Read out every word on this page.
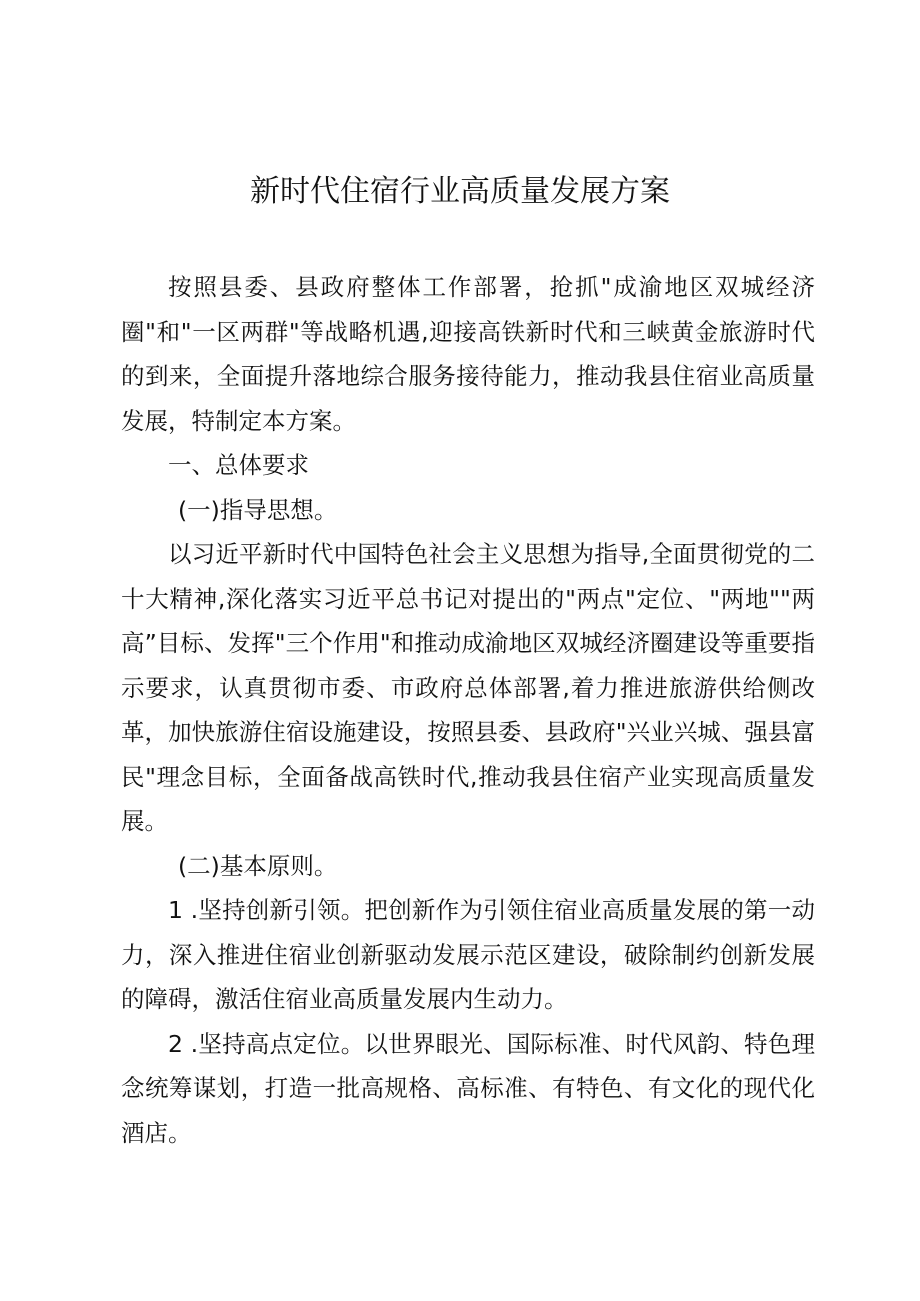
新时代住宿行业高质量发展方案

按照县委、县政府整体工作部署，抢抓"成渝地区双城经济圈"和"一区两群"等战略机遇,迎接高铁新时代和三峡黄金旅游时代的到来，全面提升落地综合服务接待能力，推动我县住宿业高质量发展，特制定本方案。

一、总体要求

(一)指导思想。

以习近平新时代中国特色社会主义思想为指导,全面贯彻党的二十大精神,深化落实习近平总书记对提出的"两点"定位、"两地""两高”目标、发挥"三个作用"和推动成渝地区双城经济圈建设等重要指示要求，认真贯彻市委、市政府总体部署,着力推进旅游供给侧改革，加快旅游住宿设施建设，按照县委、县政府"兴业兴城、强县富民"理念目标，全面备战高铁时代,推动我县住宿产业实现高质量发展。

(二)基本原则。

1 .坚持创新引领。把创新作为引领住宿业高质量发展的第一动力，深入推进住宿业创新驱动发展示范区建设，破除制约创新发展的障碍，激活住宿业高质量发展内生动力。

2 .坚持高点定位。以世界眼光、国际标准、时代风韵、特色理念统筹谋划，打造一批高规格、高标准、有特色、有文化的现代化酒店。
